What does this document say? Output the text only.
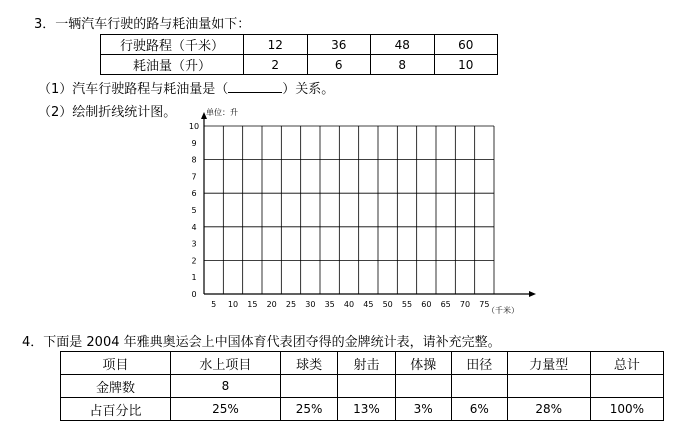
3．一辆汽车行驶的路与耗油量如下：
行驶路程（千米）	12	36	48	60
耗油量（升）	2	6	8	10
（1）汽车行驶路程与耗油量是（	）关系。
（2）绘制折线统计图。
0
1
2
3
4
5
6
7
8
9
10
5 10 15 20 25 30 35 40 45 50 55 60 65 70 75
单位：升
（千米）
4．下面是 2004 年雅典奥运会上中国体育代表团夺得的金牌统计表，请补充完整。
项目	水上项目	球类	射击	体操	田径	力量型	总计
金牌数	8						
占百分比	25%	25%	13%	3%	6%	28%	100%
